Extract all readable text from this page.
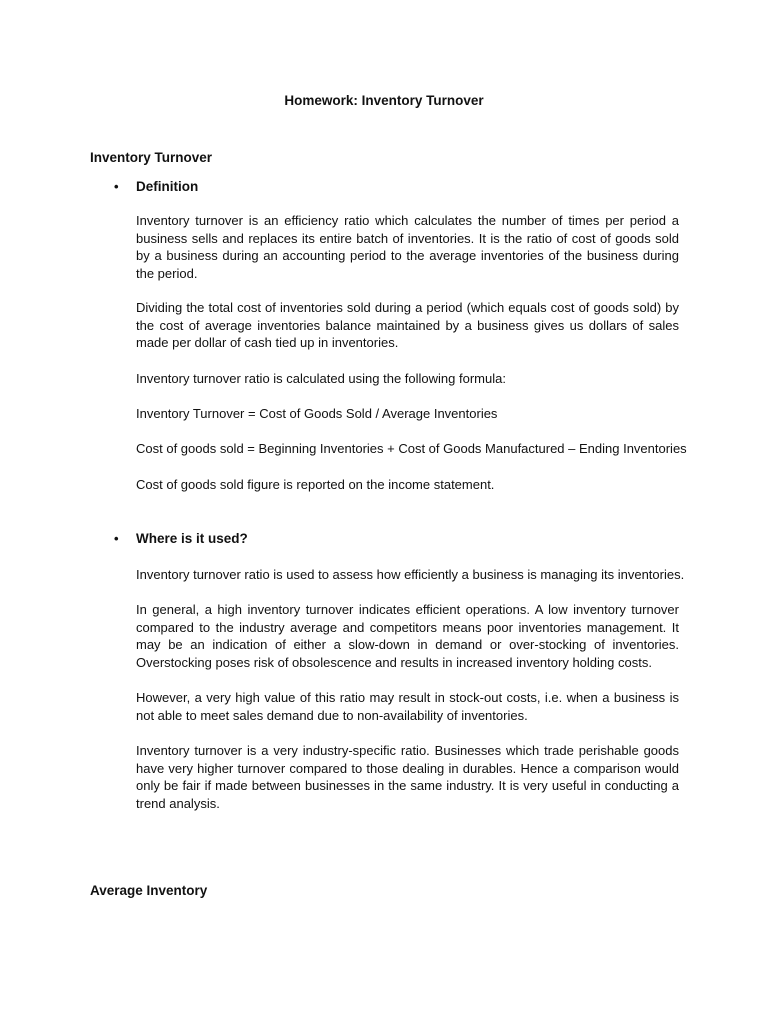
Homework: Inventory Turnover
Inventory Turnover
•	Definition
Inventory turnover is an efficiency ratio which calculates the number of times per period a business sells and replaces its entire batch of inventories. It is the ratio of cost of goods sold by a business during an accounting period to the average inventories of the business during the period.
Dividing the total cost of inventories sold during a period (which equals cost of goods sold) by the cost of average inventories balance maintained by a business gives us dollars of sales made per dollar of cash tied up in inventories.
Inventory turnover ratio is calculated using the following formula:
Inventory Turnover = Cost of Goods Sold / Average Inventories
Cost of goods sold = Beginning Inventories + Cost of Goods Manufactured – Ending Inventories
Cost of goods sold figure is reported on the income statement.
•	Where is it used?
Inventory turnover ratio is used to assess how efficiently a business is managing its inventories.
In general, a high inventory turnover indicates efficient operations. A low inventory turnover compared to the industry average and competitors means poor inventories management. It may be an indication of either a slow-down in demand or over-stocking of inventories. Overstocking poses risk of obsolescence and results in increased inventory holding costs.
However, a very high value of this ratio may result in stock-out costs, i.e. when a business is not able to meet sales demand due to non-availability of inventories.
Inventory turnover is a very industry-specific ratio. Businesses which trade perishable goods have very higher turnover compared to those dealing in durables. Hence a comparison would only be fair if made between businesses in the same industry. It is very useful in conducting a trend analysis.
Average Inventory
